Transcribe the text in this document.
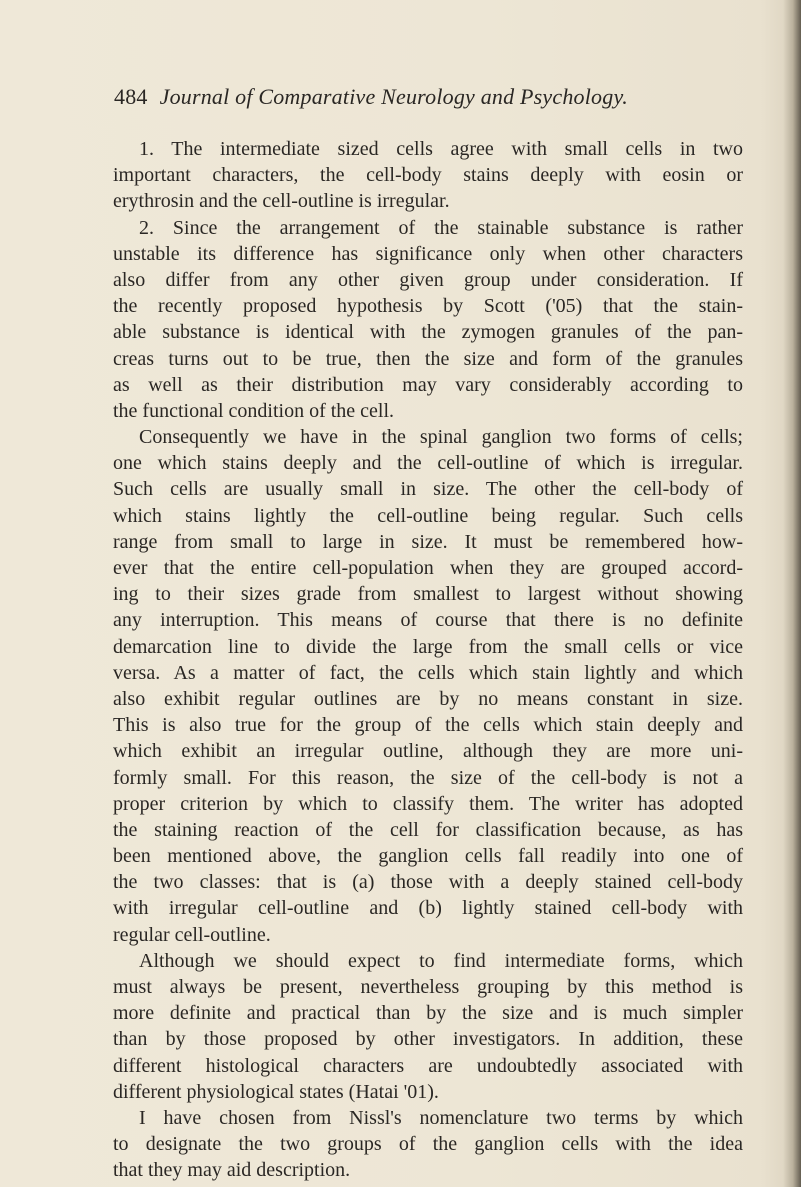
484 Journal of Comparative Neurology and Psychology.
1. The intermediate sized cells agree with small cells in two
important characters, the cell-body stains deeply with eosin or
erythrosin and the cell-outline is irregular.
2. Since the arrangement of the stainable substance is rather
unstable its difference has significance only when other characters
also differ from any other given group under consideration. If
the recently proposed hypothesis by Scott ('05) that the stain-
able substance is identical with the zymogen granules of the pan-
creas turns out to be true, then the size and form of the granules
as well as their distribution may vary considerably according to
the functional condition of the cell.
Consequently we have in the spinal ganglion two forms of cells;
one which stains deeply and the cell-outline of which is irregular.
Such cells are usually small in size. The other the cell-body of
which stains lightly the cell-outline being regular. Such cells
range from small to large in size. It must be remembered how-
ever that the entire cell-population when they are grouped accord-
ing to their sizes grade from smallest to largest without showing
any interruption. This means of course that there is no definite
demarcation line to divide the large from the small cells or vice
versa. As a matter of fact, the cells which stain lightly and which
also exhibit regular outlines are by no means constant in size.
This is also true for the group of the cells which stain deeply and
which exhibit an irregular outline, although they are more uni-
formly small. For this reason, the size of the cell-body is not a
proper criterion by which to classify them. The writer has adopted
the staining reaction of the cell for classification because, as has
been mentioned above, the ganglion cells fall readily into one of
the two classes: that is (a) those with a deeply stained cell-body
with irregular cell-outline and (b) lightly stained cell-body with
regular cell-outline.
Although we should expect to find intermediate forms, which
must always be present, nevertheless grouping by this method is
more definite and practical than by the size and is much simpler
than by those proposed by other investigators. In addition, these
different histological characters are undoubtedly associated with
different physiological states (Hatai '01).
I have chosen from Nissl's nomenclature two terms by which
to designate the two groups of the ganglion cells with the idea
that they may aid description.
